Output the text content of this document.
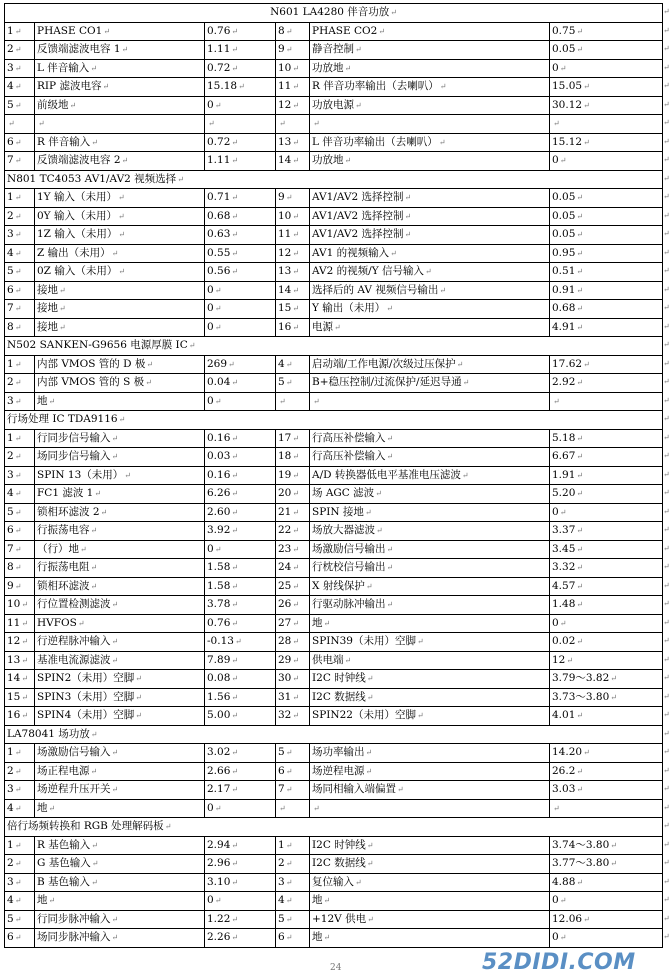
N601 LA4280 伴音功放↵					
1↵	PHASE CO1↵	0.76↵	8↵	PHASE CO2↵	0.75↵
2↵	反馈端滤波电容 1↵	1.11↵	9↵	静音控制↵	0.05↵
3↵	L 伴音输入↵	0.72↵	10↵	功放地↵	0↵
4↵	RIP 滤波电容↵	15.18↵	11↵	R 伴音功率输出（去喇叭）↵	15.05↵
5↵	前级地↵	0↵	12↵	功放电源↵	30.12↵
↵	↵	↵	↵	↵	↵
6↵	R 伴音输入↵	0.72↵	13↵	L 伴音功率输出（去喇叭）↵	15.12↵
7↵	反馈端滤波电容 2↵	1.11↵	14↵	功放地↵	0↵
N801 TC4053 AV1/AV2 视频选择↵					
1↵	1Y 输入（未用）↵	0.71↵	9↵	AV1/AV2 选择控制↵	0.05↵
2↵	0Y 输入（未用）↵	0.68↵	10↵	AV1/AV2 选择控制↵	0.05↵
3↵	1Z 输入（未用）↵	0.63↵	11↵	AV1/AV2 选择控制↵	0.05↵
4↵	Z 输出（未用）↵	0.55↵	12↵	AV1 的视频输入↵	0.95↵
5↵	0Z 输入（未用）↵	0.56↵	13↵	AV2 的视频/Y 信号输入↵	0.51↵
6↵	接地↵	0↵	14↵	选择后的 AV 视频信号输出↵	0.91↵
7↵	接地↵	0↵	15↵	Y 输出（未用）↵	0.68↵
8↵	接地↵	0↵	16↵	电源↵	4.91↵
N502 SANKEN-G9656 电源厚膜 IC↵					
1↵	内部 VMOS 管的 D 极↵	269↵	4↵	启动端/工作电源/次级过压保护↵	17.62↵
2↵	内部 VMOS 管的 S 极↵	0.04↵	5↵	B+稳压控制/过流保护/延迟导通↵	2.92↵
3↵	地↵	0↵	↵	↵	↵
行场处理 IC TDA9116↵					
1↵	行同步信号输入↵	0.16↵	17↵	行高压补偿输入↵	5.18↵
2↵	场同步信号输入↵	0.03↵	18↵	行高压补偿输入↵	6.67↵
3↵	SPIN 13（未用）↵	0.16↵	19↵	A/D 转换器低电平基准电压滤波↵	1.91↵
4↵	FC1 滤波 1↵	6.26↵	20↵	场 AGC 滤波↵	5.20↵
5↵	锁相环滤波 2↵	2.60↵	21↵	SPIN 接地↵	0↵
6↵	行振荡电容↵	3.92↵	22↵	场放大器滤波↵	3.37↵
7↵	（行）地↵	0↵	23↵	场激励信号输出↵	3.45↵
8↵	行振荡电阻↵	1.58↵	24↵	行枕校信号输出↵	3.32↵
9↵	锁相环滤波↵	1.58↵	25↵	X 射线保护↵	4.57↵
10↵	行位置检测滤波↵	3.78↵	26↵	行驱动脉冲输出↵	1.48↵
11↵	HVFOS↵	0.76↵	27↵	地↵	0↵
12↵	行逆程脉冲输入↵	-0.13↵	28↵	SPIN39（未用）空脚↵	0.02↵
13↵	基准电流源滤波↵	7.89↵	29↵	供电端↵	12↵
14↵	SPIN2（未用）空脚↵	0.08↵	30↵	I2C 时钟线↵	3.79～3.82↵
15↵	SPIN3（未用）空脚↵	1.56↵	31↵	I2C 数据线↵	3.73～3.80↵
16↵	SPIN4（未用）空脚↵	5.00↵	32↵	SPIN22（未用）空脚↵	4.01↵
LA78041 场功放↵					
1↵	场激励信号输入↵	3.02↵	5↵	场功率输出↵	14.20↵
2↵	场正程电源↵	2.66↵	6↵	场逆程电源↵	26.2↵
3↵	场逆程升压开关↵	2.17↵	7↵	场同相输入端偏置↵	3.03↵
4↵	地↵	0↵	↵	↵	↵
倍行场频转换和 RGB 处理解码板↵					
1↵	R 基色输入↵	2.94↵	1↵	I2C 时钟线↵	3.74～3.80↵
2↵	G 基色输入↵	2.96↵	2↵	I2C 数据线↵	3.77～3.80↵
3↵	B 基色输入↵	3.10↵	3↵	复位输入↵	4.88↵
4↵	地↵	0↵	4↵	地↵	0↵
5↵	行同步脉冲输入↵	1.22↵	5↵	+12V 供电↵	12.06↵
6↵	场同步脉冲输入↵	2.26↵	6↵	地↵	0↵
↵
↵
↵
↵
↵
↵
↵
↵
↵
↵
↵
↵
↵
↵
↵
↵
↵
↵
↵
↵
↵
↵
↵
↵
↵
↵
↵
↵
↵
↵
↵
↵
↵
↵
↵
↵
↵
↵
↵
↵
↵
↵
↵
↵
↵
↵
↵
↵
↵
↵
↵
52DIDI.COM
24
